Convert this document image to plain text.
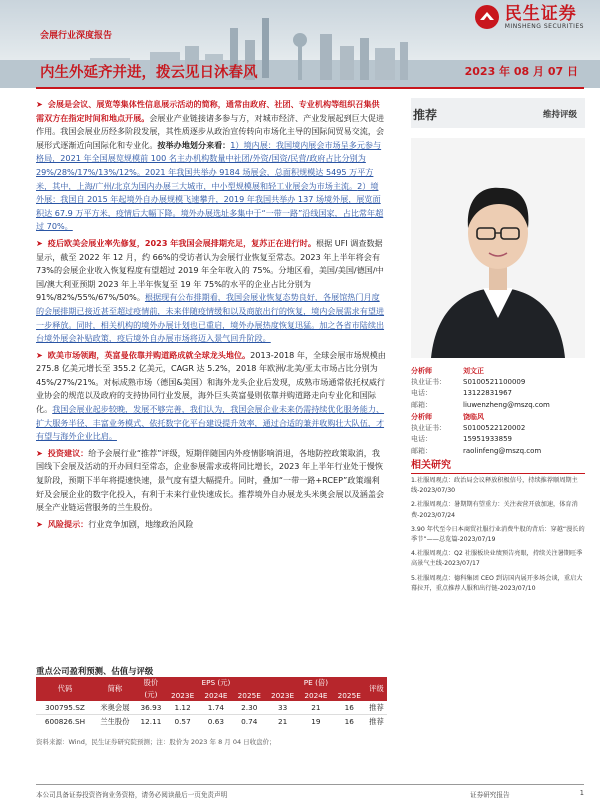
民生证券
MINSHENG SECURITIES
会展行业深度报告
内生外延齐并进，拨云见日沐春风	2023 年 08 月 07 日

➤ 会展是会议、展览等集体性信息展示活动的简称，通常由政府、社团、专业机构等组织召集供需双方在指定时间和地点开展。会展业产业链接诸多参与方，对城市经济、产业发展起到巨大促进作用。我国会展业历经多阶段发展，其性质逐步从政治宣传转向市场化主导的国际间贸易交流，会展形式逐渐近向国际化和专业化。按举办地划分来看：1）境内展：我国境内展会市场呈多元参与格局，2021 年全国展览规模前 100 名主办机构数量中社团/外资/国资/民营/政府占比分别为 29%/28%/17%/13%/12%。2021 年我国共举办 9184 场展会，总面积规模达 5495 万平方米，其中，上海/广州/北京为国内办展三大城市，中小型规模展和轻工业展会为市场主流。2）境外展：我国自 2015 年起境外自办展规模飞速攀升，2019 年我国共举办 137 场境外展，展览面积达 67.9 万平方米，疫情后大幅下降。境外办展选址多集中于“一带一路”沿线国家，占比常年超过 70%。

➤ 疫后欧美会展业率先修复，2023 年我国会展排期充足，复苏正在进行时。根据 UFI 调查数据显示，截至 2022 年 12 月，约 66%的受访者认为会展行业恢复至常态。2023 年上半年将会有 73%的会展企业收入恢复程度有望超过 2019 年全年收入的 75%。分地区看，美国/美国/德国/中国/澳大利亚预期 2023 年上半年恢复至 19 年 75%的水平的企业占比分别为 91%/82%/55%/67%/50%。根据现有公布排期看，我国会展业恢复态势良好，各展馆热门月度的会展排期已接近甚至超过疫情前，未来伴随疫情缓和以及商旅出行的恢复，境内会展需求有望进一步释放。同时，相关机构的境外办展计划也已重启，境外办展热度恢复迅猛。加之各省市陆续出台境外展会补贴政策，疫后境外自办展市场将迈入景气回升阶段。

➤ 欧美市场领跑，英富曼依靠并购道路成就全球龙头地位。2013-2018 年，全球会展市场规模由 275.8 亿美元增长至 355.2 亿美元，CAGR 达 5.2%，2018 年欧洲/北美/亚太市场占比分别为 45%/27%/21%。对标成熟市场（德国&美国）和海外龙头企业后发现，成熟市场通常依托权威行业协会的规范以及政府的支持协同行业发展，海外巨头英富曼则依靠并购道路走向专业化和国际化。我国会展业起步较晚，发展不够完善，我们认为，我国会展企业未来仍需持续优化服务能力、扩大服务半径、丰富业务模式、依托数字化平台建设提升效率，通过合适的兼并收购壮大队伍，才有望与海外企业比肩。

➤ 投资建议：给予会展行业“推荐”评级，短期伴随国内外疫情影响消退，各地防控政策取消，我国线下会展及活动的开办回归至常态，企业参展需求或将同比增长，2023 年上半年行业处于慢恢复阶段，预期下半年将提速快速，景气度有望大幅提升。同时，叠加“一带一路+RCEP”政策端利好及会展企业的数字化投入，有利于未来行业快速成长。推荐境外自办展龙头米奥会展以及涵盖会展全产业链运营服务的兰生股份。

➤ 风险提示：行业竞争加剧，地缘政治风险

重点公司盈利预测、估值与评级
代码	简称	股价	EPS (元)			PE (倍)			评级
		(元)	2023E	2024E	2025E	2023E	2024E	2025E	
300795.SZ	米奥会展	36.93	1.12	1.74	2.30	33	21	16	推荐
600826.SH	兰生股份	12.11	0.57	0.63	0.74	21	19	16	推荐
资料来源：Wind，民生证券研究院预测；注：股价为 2023 年 8 月 04 日收盘价；
推荐	维持评级
分析师	刘文正
执业证书： S0100521100009
电话：	13122831967
邮箱：	liuwenzheng@mszq.com
分析师	饶临风
执业证书： S0100522120002
电话：	15951933859
邮箱：	raolinfeng@mszq.com
相关研究
1.社服周观点：政治局会议释放积极信号，持续推荐顺周期主线-2023/07/30
2.社服周观点：暑期期有望重力：关注表营开放加速，体育消费-2023/07/24
3.90 年代至今日本商贸社服行业消费牛股的背后：穿越“漫长的季节”——总览篇-2023/07/19
4.社服周观点：Q2 社服板块业绩预告亮眼，持续关注暑期旺季高景气主线-2023/07/17
5.社服周观点：德科集团 CEO 到访国内展开多场会谈，重启大幕拉开，重点推荐人服和出行链-2023/07/10
本公司具备证券投资咨询业务资格，请务必阅读最后一页免责声明	证券研究报告	1
